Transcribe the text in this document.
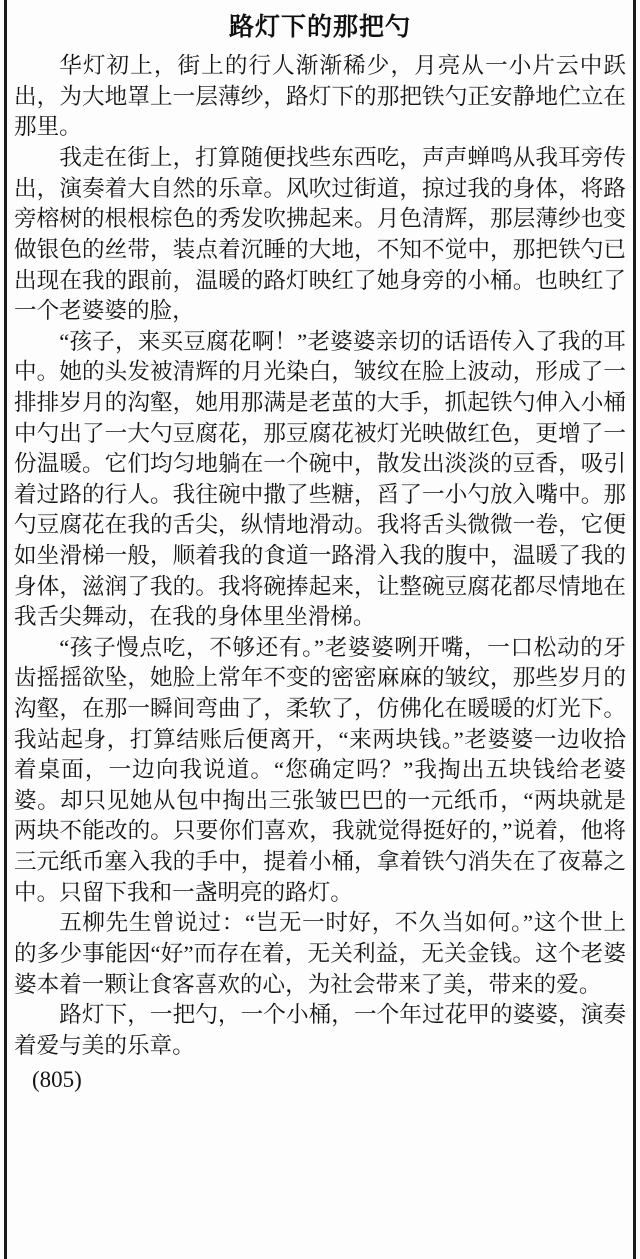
路灯下的那把勺

华灯初上，街上的行人渐渐稀少，月亮从一小片云中跃出，为大地罩上一层薄纱，路灯下的那把铁勺正安静地伫立在那里。

我走在街上，打算随便找些东西吃，声声蝉鸣从我耳旁传出，演奏着大自然的乐章。风吹过街道，掠过我的身体，将路旁榕树的根根棕色的秀发吹拂起来。月色清辉，那层薄纱也变做银色的丝带，装点着沉睡的大地，不知不觉中，那把铁勺已出现在我的跟前，温暖的路灯映红了她身旁的小桶。也映红了一个老婆婆的脸，

“孩子，来买豆腐花啊！”老婆婆亲切的话语传入了我的耳中。她的头发被清辉的月光染白，皱纹在脸上波动，形成了一排排岁月的沟壑，她用那满是老茧的大手，抓起铁勺伸入小桶中勺出了一大勺豆腐花，那豆腐花被灯光映做红色，更增了一份温暖。它们均匀地躺在一个碗中，散发出淡淡的豆香，吸引着过路的行人。我往碗中撒了些糖，舀了一小勺放入嘴中。那勺豆腐花在我的舌尖，纵情地滑动。我将舌头微微一卷，它便如坐滑梯一般，顺着我的食道一路滑入我的腹中，温暖了我的身体，滋润了我的。我将碗捧起来，让整碗豆腐花都尽情地在我舌尖舞动，在我的身体里坐滑梯。

“孩子慢点吃，不够还有。”老婆婆咧开嘴，一口松动的牙齿摇摇欲坠，她脸上常年不变的密密麻麻的皱纹，那些岁月的沟壑，在那一瞬间弯曲了，柔软了，仿佛化在暖暖的灯光下。我站起身，打算结账后便离开，“来两块钱。”老婆婆一边收拾着桌面，一边向我说道。“您确定吗？”我掏出五块钱给老婆婆。却只见她从包中掏出三张皱巴巴的一元纸币，“两块就是两块不能改的。只要你们喜欢，我就觉得挺好的，”说着，他将三元纸币塞入我的手中，提着小桶，拿着铁勺消失在了夜幕之中。只留下我和一盏明亮的路灯。

五柳先生曾说过：“岂无一时好，不久当如何。”这个世上的多少事能因“好”而存在着，无关利益，无关金钱。这个老婆婆本着一颗让食客喜欢的心，为社会带来了美，带来的爱。

路灯下，一把勺，一个小桶，一个年过花甲的婆婆，演奏着爱与美的乐章。

(805)
